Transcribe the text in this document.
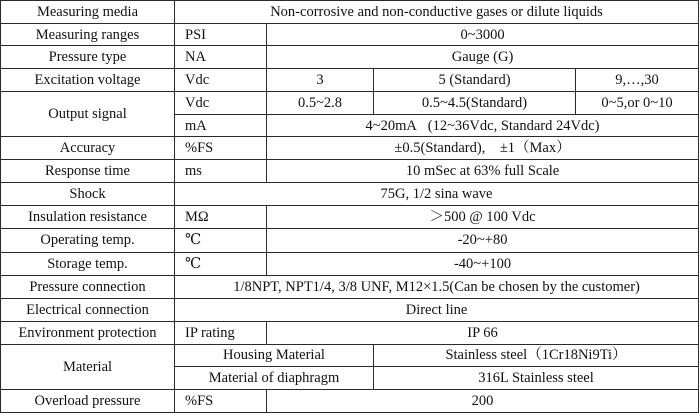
Measuring media	Non-corrosive and non-conductive gases or dilute liquids			
Measuring ranges	PSI	0~3000		
Pressure type	NA	Gauge (G)		
Excitation voltage	Vdc	3	5 (Standard)	9,…,30
Output signal	Vdc	0.5~2.8	0.5~4.5(Standard)	0~5,or 0~10
	mA	4~20mA   (12~36Vdc, Standard 24Vdc)		
Accuracy	%FS	±0.5(Standard),    ±1（Max）		
Response time	ms	10 mSec at 63% full Scale		
Shock	75G, 1/2 sina wave			
Insulation resistance	MΩ	＞500 @ 100 Vdc		
Operating temp.	℃	-20~+80		
Storage temp.	℃	-40~+100		
Pressure connection	1/8NPT, NPT1/4, 3/8 UNF, M12×1.5(Can be chosen by the customer)			
Electrical connection	Direct line			
Environment protection	IP rating	IP 66		
Material	Housing Material		Stainless steel（1Cr18Ni9Ti）	
	Material of diaphragm		316L Stainless steel	
Overload pressure	%FS	200		
